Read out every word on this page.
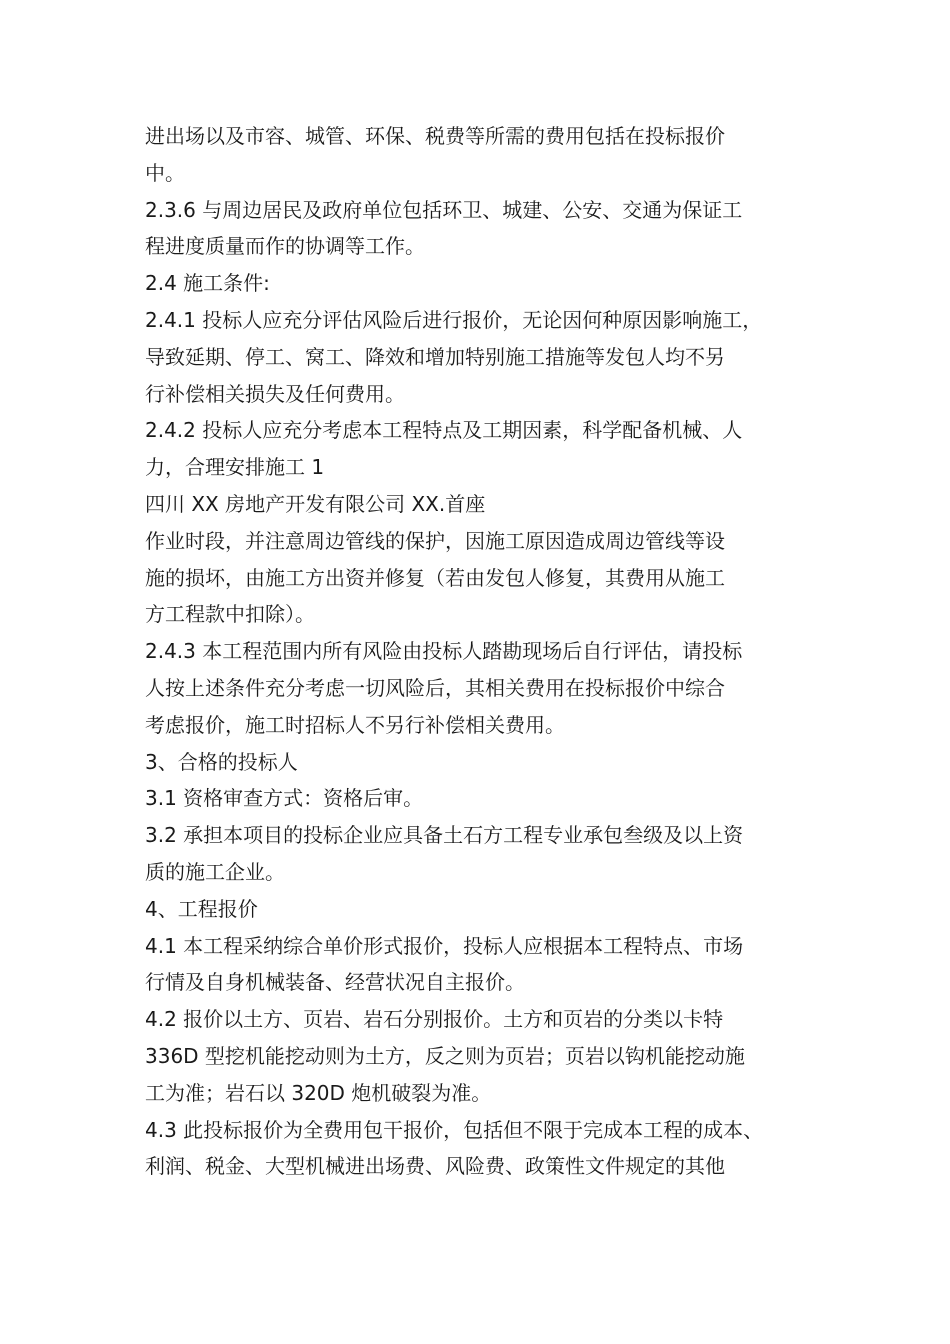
进出场以及市容、城管、环保、税费等所需的费用包括在投标报价
中。
2.3.6 与周边居民及政府单位包括环卫、城建、公安、交通为保证工
程进度质量而作的协调等工作。
2.4 施工条件:
2.4.1 投标人应充分评估风险后进行报价，无论因何种原因影响施工，
导致延期、停工、窝工、降效和增加特别施工措施等发包人均不另
行补偿相关损失及任何费用。
2.4.2 投标人应充分考虑本工程特点及工期因素，科学配备机械、人
力，合理安排施工 1
四川 XX 房地产开发有限公司 XX.首座
作业时段，并注意周边管线的保护，因施工原因造成周边管线等设
施的损坏，由施工方出资并修复（若由发包人修复，其费用从施工
方工程款中扣除）。
2.4.3 本工程范围内所有风险由投标人踏勘现场后自行评估，请投标
人按上述条件充分考虑一切风险后，其相关费用在投标报价中综合
考虑报价，施工时招标人不另行补偿相关费用。
3、合格的投标人
3.1 资格审查方式：资格后审。
3.2 承担本项目的投标企业应具备土石方工程专业承包叁级及以上资
质的施工企业。
4、工程报价
4.1 本工程采纳综合单价形式报价，投标人应根据本工程特点、市场
行情及自身机械装备、经营状况自主报价。
4.2 报价以土方、页岩、岩石分别报价。土方和页岩的分类以卡特
336D 型挖机能挖动则为土方，反之则为页岩；页岩以钩机能挖动施
工为准；岩石以 320D 炮机破裂为准。
4.3 此投标报价为全费用包干报价，包括但不限于完成本工程的成本、
利润、税金、大型机械进出场费、风险费、政策性文件规定的其他
